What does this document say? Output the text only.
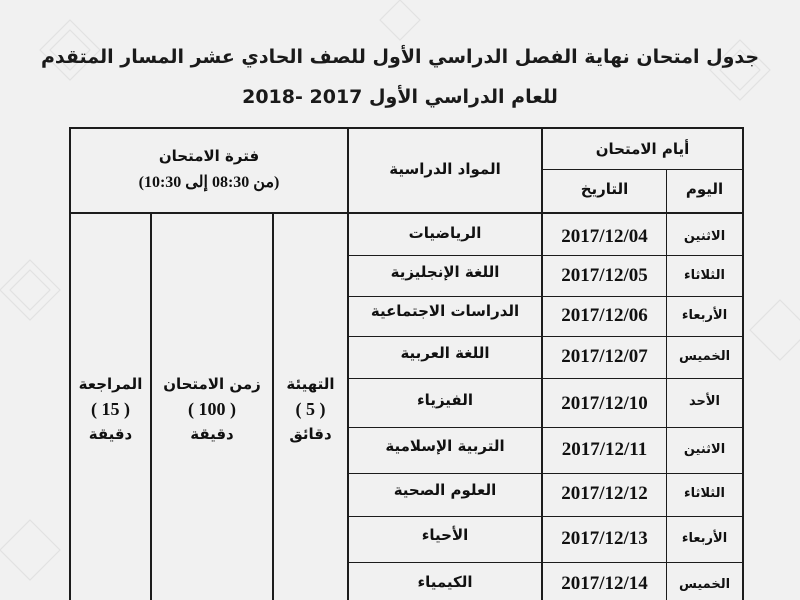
جدول امتحان نهاية الفصل الدراسي الأول للصف الحادي عشر المسار المتقدم
للعام الدراسي الأول 2017 -2018
أيام الامتحان
اليوم
التاريخ
المواد الدراسية
فترة الامتحان
(من 08:30 إلى 10:30)
الاثنين
2017/12/04
الرياضيات
الثلاثاء
2017/12/05
اللغة الإنجليزية
الأربعاء
2017/12/06
الدراسات الاجتماعية
الخميس
2017/12/07
اللغة العربية
الأحد
2017/12/10
الفيزياء
الاثنين
2017/12/11
التربية الإسلامية
الثلاثاء
2017/12/12
العلوم الصحية
الأربعاء
2017/12/13
الأحياء
الخميس
2017/12/14
الكيمياء
التهيئة
( 5 )
دقائق
زمن الامتحان
( 100 )
دقيقة
المراجعة
( 15 )
دقيقة
